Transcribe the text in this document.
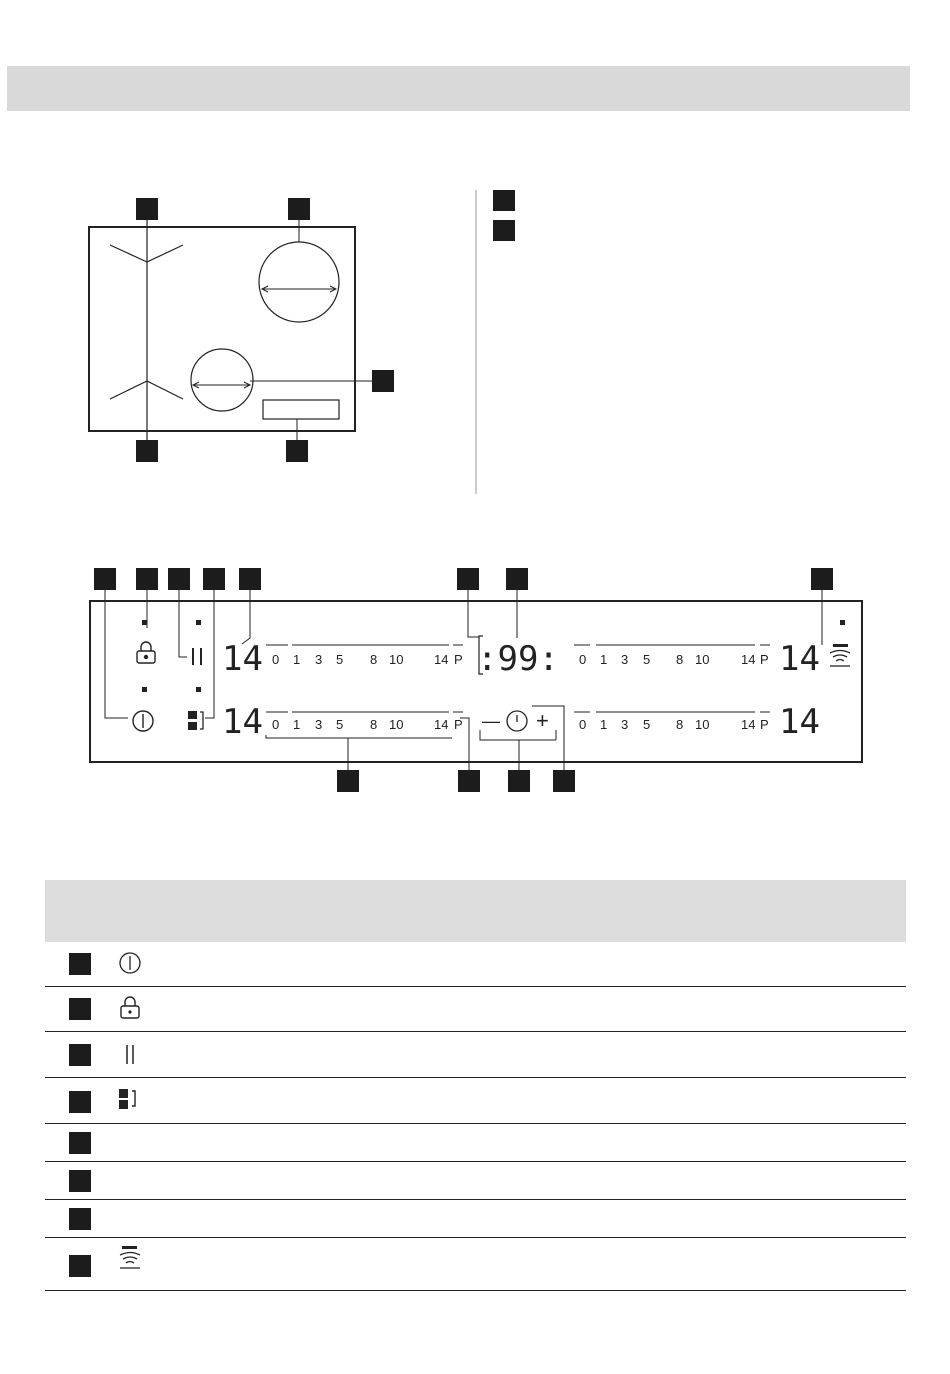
0 1 3 5 8 10 14 P	0 1 3 5 8 10 14 P
0 1 3 5 8 10 14 P	0 1 3 5 8 10 14 P
14	14
14	14
:99:
— +
